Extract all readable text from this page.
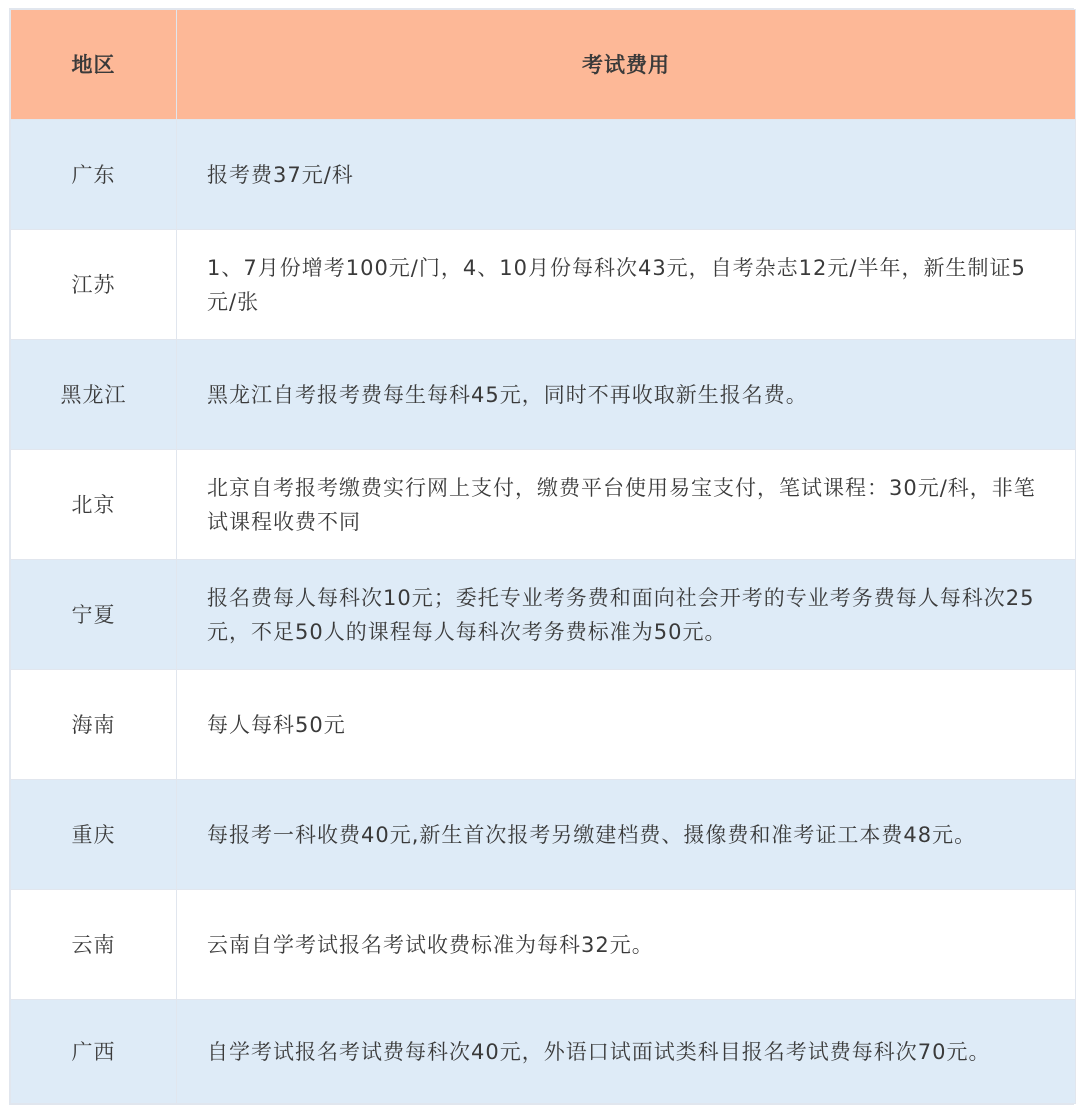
地区	考试费用
广东	报考费37元/科
江苏	1、7月份增考100元/门，4、10月份每科次43元，自考杂志12元/半年，新生制证5元/张
黑龙江	黑龙江自考报考费每生每科45元，同时不再收取新生报名费。
北京	北京自考报考缴费实行网上支付，缴费平台使用易宝支付，笔试课程：30元/科，非笔试课程收费不同
宁夏	报名费每人每科次10元；委托专业考务费和面向社会开考的专业考务费每人每科次25元，不足50人的课程每人每科次考务费标准为50元。
海南	每人每科50元
重庆	每报考一科收费40元,新生首次报考另缴建档费、摄像费和准考证工本费48元。
云南	云南自学考试报名考试收费标准为每科32元。
广西	自学考试报名考试费每科次40元，外语口试面试类科目报名考试费每科次70元。
